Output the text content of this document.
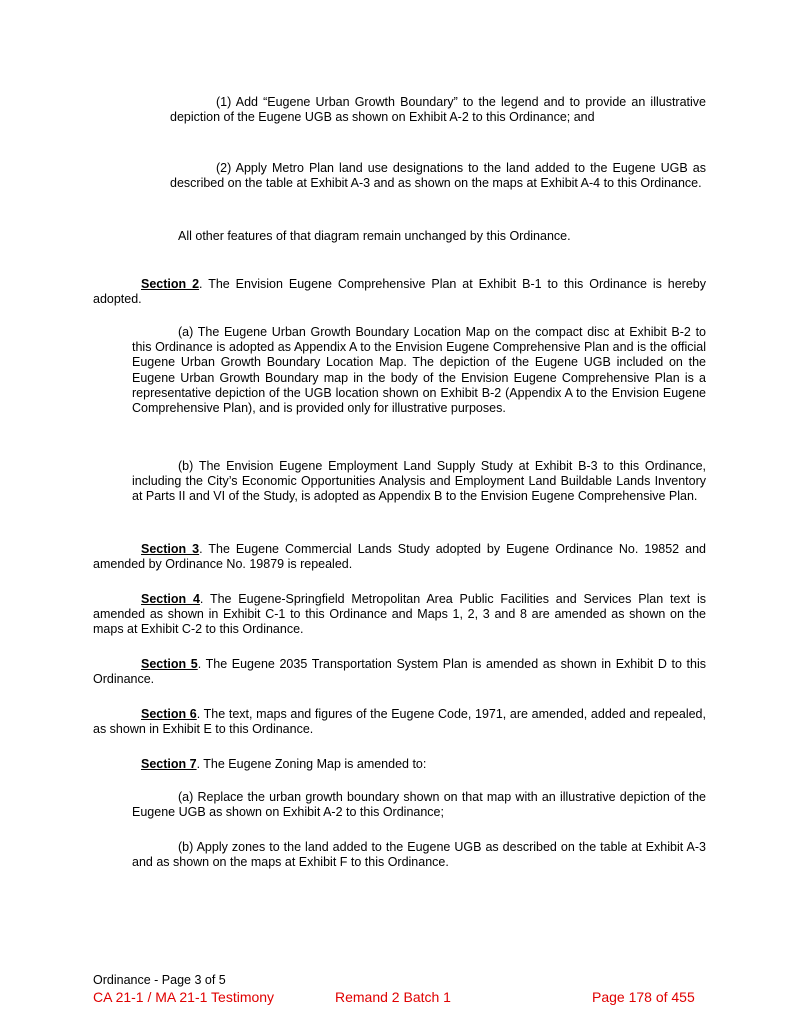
(1) Add “Eugene Urban Growth Boundary” to the legend and to provide an illustrative depiction of the Eugene UGB as shown on Exhibit A-2 to this Ordinance; and

(2) Apply Metro Plan land use designations to the land added to the Eugene UGB as described on the table at Exhibit A-3 and as shown on the maps at Exhibit A-4 to this Ordinance.

All other features of that diagram remain unchanged by this Ordinance.

Section 2. The Envision Eugene Comprehensive Plan at Exhibit B-1 to this Ordinance is hereby adopted.

(a) The Eugene Urban Growth Boundary Location Map on the compact disc at Exhibit B-2 to this Ordinance is adopted as Appendix A to the Envision Eugene Comprehensive Plan and is the official Eugene Urban Growth Boundary Location Map. The depiction of the Eugene UGB included on the Eugene Urban Growth Boundary map in the body of the Envision Eugene Comprehensive Plan is a representative depiction of the UGB location shown on Exhibit B-2 (Appendix A to the Envision Eugene Comprehensive Plan), and is provided only for illustrative purposes.

(b) The Envision Eugene Employment Land Supply Study at Exhibit B-3 to this Ordinance, including the City’s Economic Opportunities Analysis and Employment Land Buildable Lands Inventory at Parts II and VI of the Study, is adopted as Appendix B to the Envision Eugene Comprehensive Plan.

Section 3. The Eugene Commercial Lands Study adopted by Eugene Ordinance No. 19852 and amended by Ordinance No. 19879 is repealed.

Section 4. The Eugene-Springfield Metropolitan Area Public Facilities and Services Plan text is amended as shown in Exhibit C-1 to this Ordinance and Maps 1, 2, 3 and 8 are amended as shown on the maps at Exhibit C-2 to this Ordinance.

Section 5. The Eugene 2035 Transportation System Plan is amended as shown in Exhibit D to this Ordinance.

Section 6. The text, maps and figures of the Eugene Code, 1971, are amended, added and repealed, as shown in Exhibit E to this Ordinance.

Section 7. The Eugene Zoning Map is amended to:

(a) Replace the urban growth boundary shown on that map with an illustrative depiction of the Eugene UGB as shown on Exhibit A-2 to this Ordinance;

(b) Apply zones to the land added to the Eugene UGB as described on the table at Exhibit A-3 and as shown on the maps at Exhibit F to this Ordinance.

Ordinance - Page 3 of 5
CA 21-1 / MA 21-1 Testimony	Remand 2 Batch 1	Page 178 of 455
